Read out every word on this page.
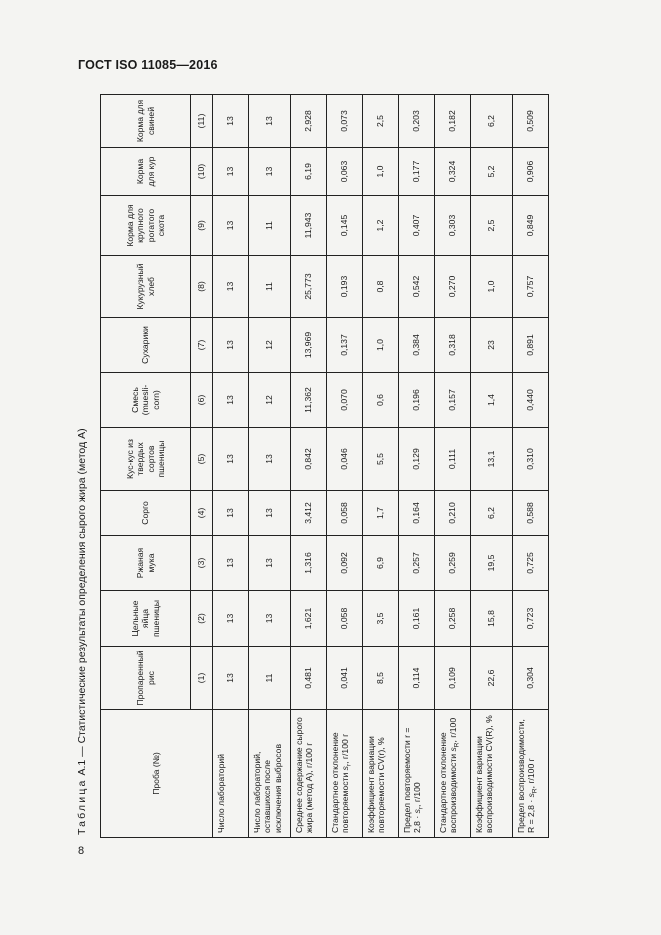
ГОСТ ISO 11085—2016
Таблица А.1 — Статистические результаты определения сырого жира (метод А)
Проба (№)	Пропаренный рис	Цельные яйца пшеницы	Ржаная мука	Сорго	Кус-кус из твердых сортов пшеницы	Смесь (muesli-corn)	Сухарики	Кукурузный хлеб	Корма для крупного рогатого скота	Корма для кур	Корма для свиней
	(1)	(2)	(3)	(4)	(5)	(6)	(7)	(8)	(9)	(10)	(11)
Число лабораторий	13	13	13	13	13	13	13	13	13	13	13
Число лабораторий, оставшихся после исключения выбросов	11	13	13	13	13	12	12	11	11	13	13
Среднее содержание сырого жира (метод А), г/100 г	0,481	1,621	1,316	3,412	0,842	11,362	13,969	25,773	11,943	6,19	2,928
Стандартное отклонение повторяемости $s_r$, г/100 г	0,041	0,058	0,092	0,058	0,046	0,070	0,137	0,193	0,145	0,063	0,073
Коэффициент вариации повторяемости CV(r), %	8,5	3,5	6,9	1,7	5,5	0,6	1,0	0,8	1,2	1,0	2,5
Предел повторяемости $r = 2,8 \cdot s_r$, г/100	0,114	0,161	0,257	0,164	0,129	0,196	0,384	0,542	0,407	0,177	0,203
Стандартное отклонение воспроизводимости $s_R$, г/100	0,109	0,258	0,259	0,210	0,111	0,157	0,318	0,270	0,303	0,324	0,182
Коэффициент вариации воспроизводимости CV(R), %	22,6	15,8	19,5	6,2	13,1	1,4	23	1,0	2,5	5,2	6,2
Предел воспроизводимости, $R = 2,8 \cdot s_R$, г/100 г	0,304	0,723	0,725	0,588	0,310	0,440	0,891	0,757	0,849	0,906	0,509
8
